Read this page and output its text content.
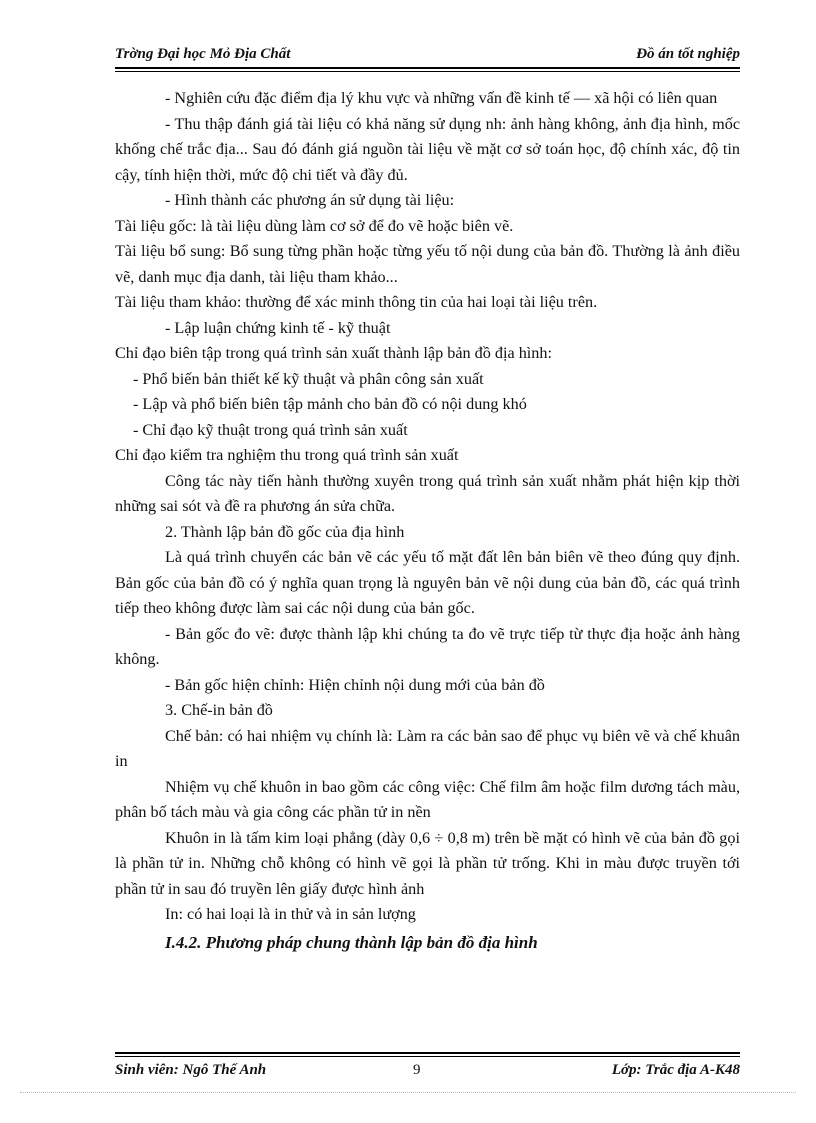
Trờng Đại học Mỏ Địa Chất	Đồ án tốt nghiệp

- Nghiên cứu đặc điểm địa lý khu vực và những vấn đề kinh tế — xã hội có liên quan

- Thu thập đánh giá tài liệu có khả năng sử dụng nh: ảnh hàng không, ảnh địa hình, mốc khống chế trắc địa... Sau đó đánh giá nguồn tài liệu về mặt cơ sở toán học, độ chính xác, độ tin cậy, tính hiện thời, mức độ chi tiết và đầy đủ.

- Hình thành các phương án sử dụng tài liệu:

Tài liệu gốc: là tài liệu dùng làm cơ sở để đo vẽ hoặc biên vẽ.

Tài liệu bổ sung: Bổ sung từng phần hoặc từng yếu tố nội dung của bản đồ. Thường là ảnh điều vẽ, danh mục địa danh, tài liệu tham khảo...

Tài liệu tham khảo: thường để xác minh thông tin của hai loại tài liệu trên.

- Lập luận chứng kinh tế - kỹ thuật

Chỉ đạo biên tập trong quá trình sản xuất thành lập bản đồ địa hình:

- Phổ biến bản thiết kế kỹ thuật và phân công sản xuất

- Lập và phổ biến biên tập mảnh cho bản đồ có nội dung khó

- Chỉ đạo kỹ thuật trong quá trình sản xuất

Chỉ đạo kiểm tra nghiệm thu trong quá trình sản xuất

Công tác này tiến hành thường xuyên trong quá trình sản xuất nhằm phát hiện kịp thời những sai sót và đề ra phương án sửa chữa.

2. Thành lập bản đồ gốc của địa hình

Là quá trình chuyển các bản vẽ các yếu tố mặt đất lên bản biên vẽ theo đúng quy định. Bản gốc của bản đồ có ý nghĩa quan trọng là nguyên bản vẽ nội dung của bản đồ, các quá trình tiếp theo không được làm sai các nội dung của bản gốc.

- Bản gốc đo vẽ: được thành lập khi chúng ta đo vẽ trực tiếp từ thực địa hoặc ảnh hàng không.

- Bản gốc hiện chỉnh: Hiện chỉnh nội dung mới của bản đồ

3. Chế-in bản đồ

Chế bản: có hai nhiệm vụ chính là: Làm ra các bản sao để phục vụ biên vẽ và chế khuân in

Nhiệm vụ chế khuôn in bao gồm các công việc: Chế film âm hoặc film dương tách màu, phân bố tách màu và gia công các phần tử in nền

Khuôn in là tấm kim loại phẳng (dày 0,6 ÷ 0,8 m) trên bề mặt có hình vẽ của bản đồ gọi là phần tử in. Những chỗ không có hình vẽ gọi là phần tử trống. Khi in màu được truyền tới phần tử in sau đó truyền lên giấy được hình ảnh

In: có hai loại là in thử và in sản lượng

I.4.2. Phương pháp chung thành lập bản đồ địa hình

Sinh viên: Ngô Thế Anh	9	Lớp: Trắc địa A-K48
